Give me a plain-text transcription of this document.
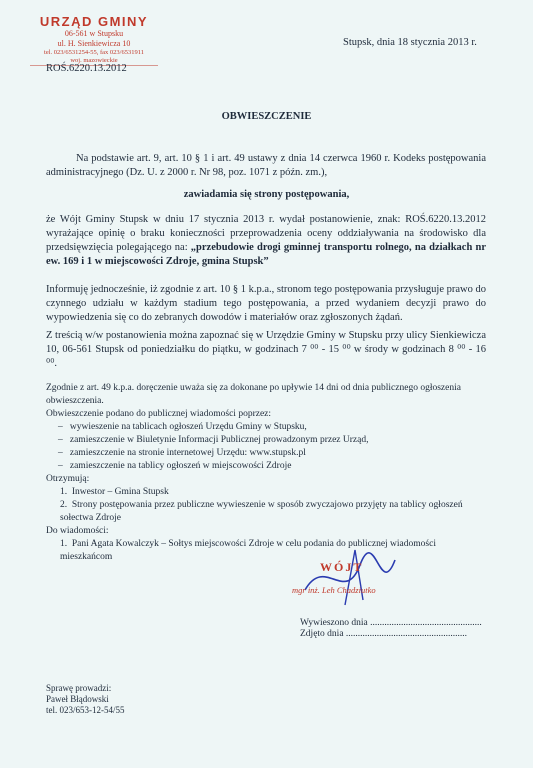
URZĄD GMINY
06-561 w Stupsku
ul. H. Sienkiewicza 10
tel. 023/6531254-55, fax 023/6531911
woj. mazowieckie
ROŚ.6220.13.2012
Stupsk, dnia 18 stycznia 2013 r.
OBWIESZCZENIE

Na podstawie art. 9, art. 10 § 1 i art. 49 ustawy z dnia 14 czerwca 1960 r. Kodeks postępowania administracyjnego (Dz. U. z 2000 r. Nr 98, poz. 1071 z późn. zm.),

zawiadamia się strony postępowania,

że Wójt Gminy Stupsk w dniu 17 stycznia 2013 r. wydał postanowienie, znak: ROŚ.6220.13.2012 wyrażające opinię o braku konieczności przeprowadzenia oceny oddziaływania na środowisko dla przedsięwzięcia polegającego na: „przebudowie drogi gminnej transportu rolnego, na działkach nr ew. 169 i 1 w miejscowości Zdroje, gmina Stupsk”

Informuję jednocześnie, iż zgodnie z art. 10 § 1 k.p.a., stronom tego postępowania przysługuje prawo do czynnego udziału w każdym stadium tego postępowania, a przed wydaniem decyzji prawo do wypowiedzenia się co do zebranych dowodów i materiałów oraz zgłoszonych żądań.

Z treścią w/w postanowienia można zapoznać się w Urzędzie Gminy w Stupsku przy ulicy Sienkiewicza 10, 06-561 Stupsk od poniedziałku do piątku, w godzinach 7 ⁰⁰ - 15 ⁰⁰ w środy w godzinach 8 ⁰⁰ - 16 ⁰⁰.

Zgodnie z art. 49 k.p.a. doręczenie uważa się za dokonane po upływie 14 dni od dnia publicznego ogłoszenia obwieszczenia.
Obwieszczenie podano do publicznej wiadomości poprzez:
–   wywieszenie na tablicach ogłoszeń Urzędu Gminy w Stupsku,
–   zamieszczenie w Biuletynie Informacji Publicznej prowadzonym przez Urząd,
–   zamieszczenie na stronie internetowej Urzędu: www.stupsk.pl
–   zamieszczenie na tablicy ogłoszeń w miejscowości Zdroje
Otrzymują:
1.  Inwestor – Gmina Stupsk
2.  Strony postępowania przez publiczne wywieszenie w sposób zwyczajowo przyjęty na tablicy ogłoszeń sołectwa Zdroje
Do wiadomości:
1.  Pani Agata Kowalczyk – Sołtys miejscowości Zdroje w celu podania do publicznej wiadomości mieszkańcom
WÓJT
mgr inż. Leh Chadziutko
Wywieszono dnia ...............................................
Zdjęto dnia ...................................................
Sprawę prowadzi:
Paweł Błądowski
tel. 023/653-12-54/55
